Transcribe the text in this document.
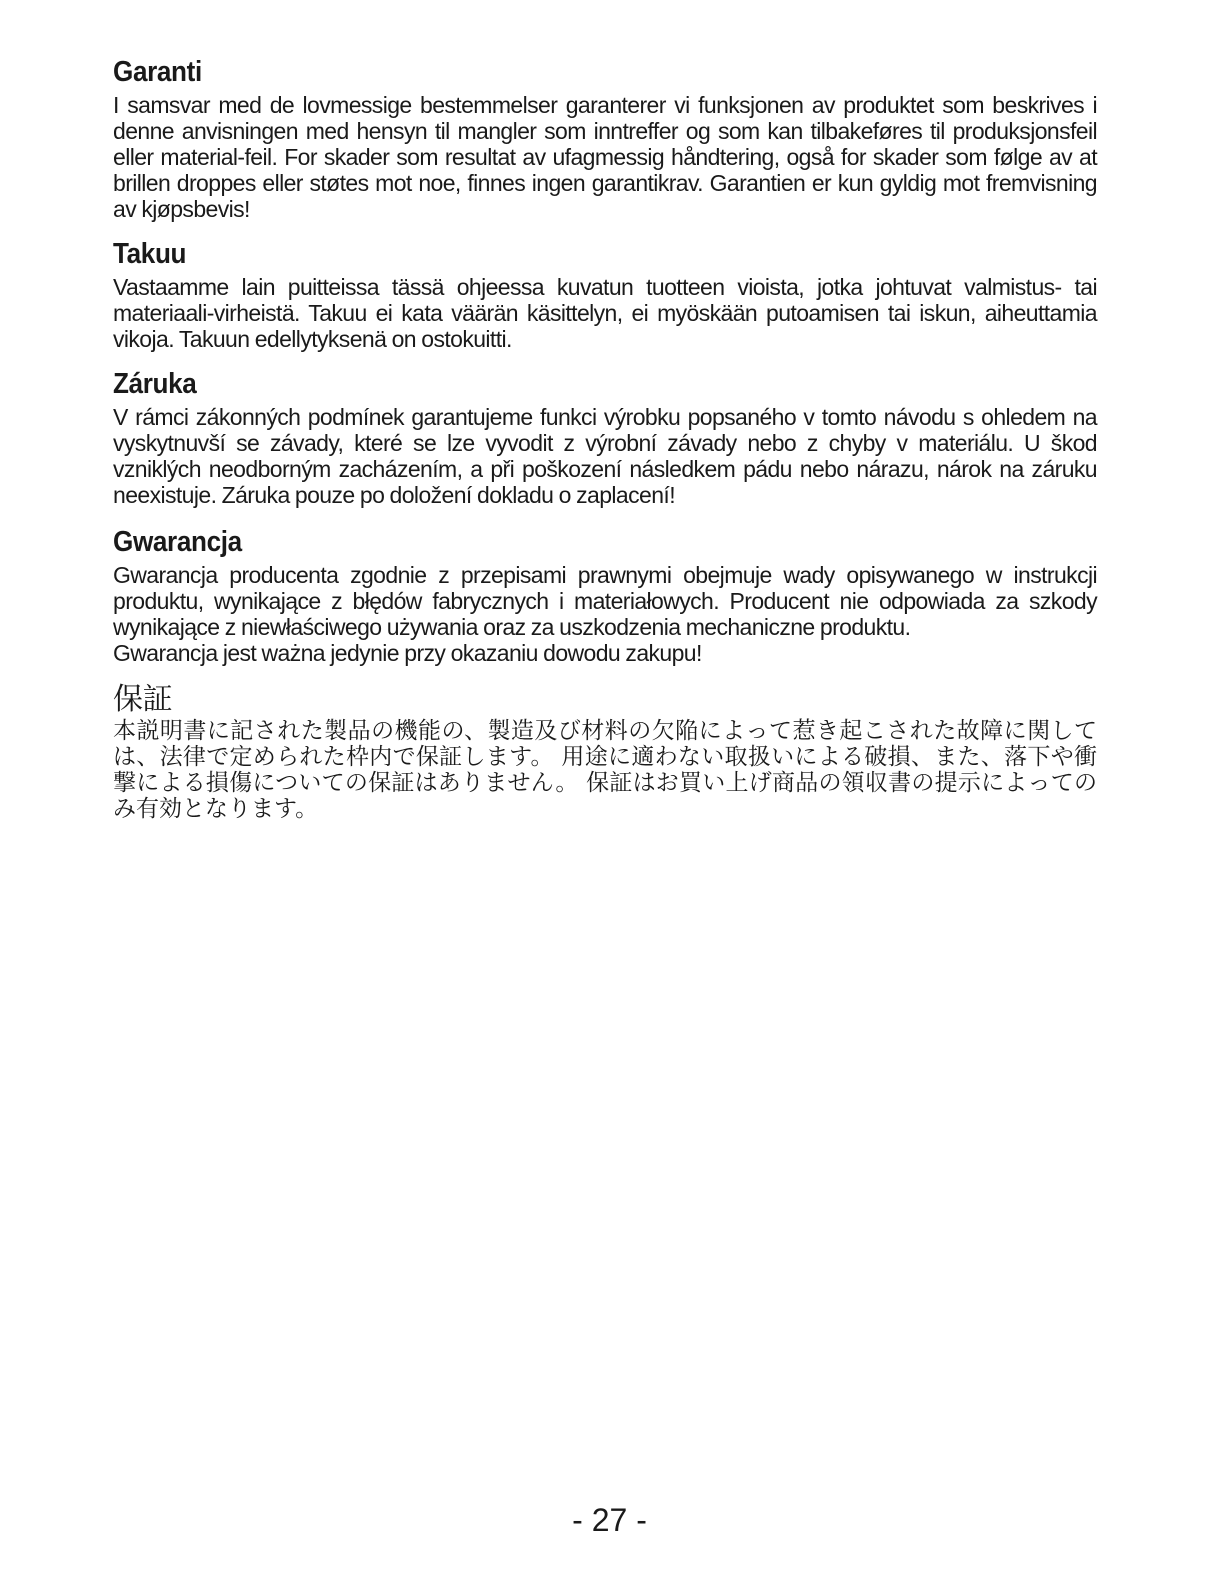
Garanti

I samsvar med de lovmessige bestemmelser garanterer vi funksjonen av produktet som beskrives i denne anvisningen med hensyn til mangler som inntreffer og som kan tilbakeføres til produksjonsfeil eller material-feil. For skader som resultat av ufagmessig håndtering, også for skader som følge av at brillen droppes eller støtes mot noe, finnes ingen garantikrav. Garantien er kun gyldig mot fremvisning av kjøpsbevis!

Takuu

Vastaamme lain puitteissa tässä ohjeessa kuvatun tuotteen vioista, jotka johtuvat valmistus- tai materiaali-virheistä. Takuu ei kata väärän käsittelyn, ei myöskään putoamisen tai iskun, aiheuttamia vikoja. Takuun edellytyksenä on ostokuitti.

Záruka

V rámci zákonných podmínek garantujeme funkci výrobku popsaného v tomto návodu s ohledem na vyskytnuvší se závady, které se lze vyvodit z výrobní závady nebo z chyby v materiálu. U škod vzniklých neodborným zacházením, a při poškození následkem pádu nebo nárazu, nárok na záruku neexistuje. Záruka pouze po doložení dokladu o zaplacení!

Gwarancja

Gwarancja producenta zgodnie z przepisami prawnymi obejmuje wady opisywanego w instrukcji produktu, wynikające z błędów fabrycznych i materiałowych. Producent nie odpowiada za szkody wynikające z niewłaściwego używania oraz za uszkodzenia mechaniczne produktu.

Gwarancja jest ważna jedynie przy okazaniu dowodu zakupu!

保証

本説明書に記された製品の機能の、製造及び材料の欠陥によって惹き起こされた故障に関しては、法律で定められた枠内で保証します。 用途に適わない取扱いによる破損、また、落下や衝撃による損傷についての保証はありません。 保証はお買い上げ商品の領収書の提示によってのみ有効となります。

- 27 -
